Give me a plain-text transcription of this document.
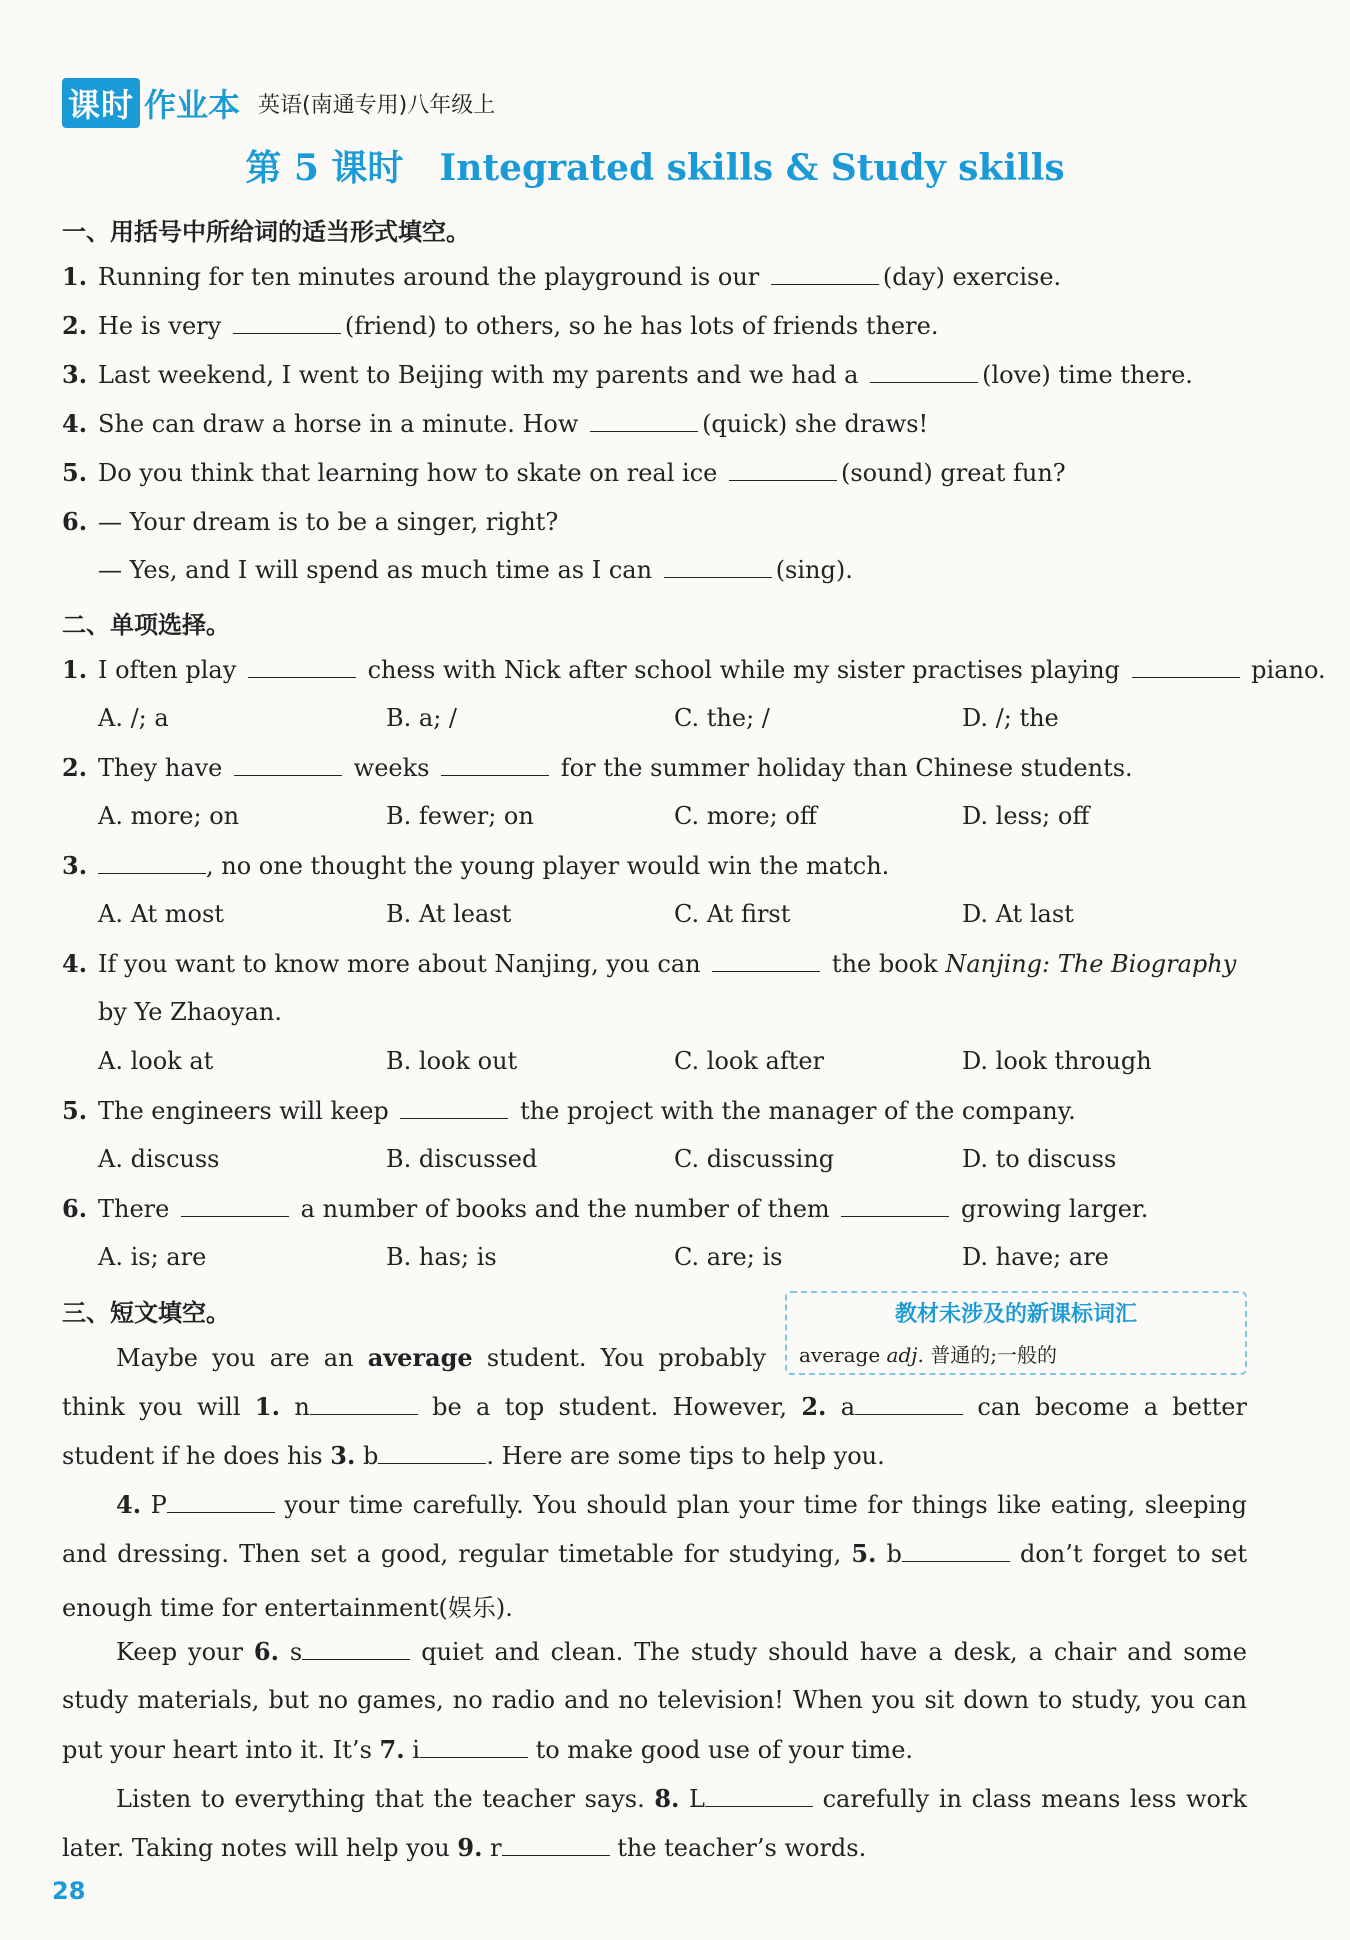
课时 作业本 英语(南通专用)八年级上
第 5 课时　Integrated skills & Study skills
一、用括号中所给词的适当形式填空。
1. Running for ten minutes around the playground is our	(day) exercise.
2. He is very	(friend) to others, so he has lots of friends there.
3. Last weekend, I went to Beijing with my parents and we had a	(love) time there.
4. She can draw a horse in a minute. How	(quick) she draws!
5. Do you think that learning how to skate on real ice	(sound) great fun?
6. — Your dream is to be a singer, right?
— Yes, and I will spend as much time as I can	(sing).
二、单项选择。
1. I often play	chess with Nick after school while my sister practises playing	piano.
A. /; a	B. a; /	C. the; /	D. /; the
2. They have	weeks	for the summer holiday than Chinese students.
A. more; on	B. fewer; on	C. more; off	D. less; off
3.	, no one thought the young player would win the match.
A. At most	B. At least	C. At first	D. At last
4. If you want to know more about Nanjing, you can	the book Nanjing: The Biography
by Ye Zhaoyan.
A. look at	B. look out	C. look after	D. look through
5. The engineers will keep	the project with the manager of the company.
A. discuss	B. discussed	C. discussing	D. to discuss
6. There	a number of books and the number of them	growing larger.
A. is; are	B. has; is	C. are; is	D. have; are
三、短文填空。	教材未涉及的新课标词汇
average adj. 普通的;一般的
Maybe you are an average student. You probably
think you will 1. n	be a top student. However, 2. a	can become a better
student if he does his 3. b	. Here are some tips to help you.
4. P	your time carefully. You should plan your time for things like eating, sleeping
and dressing. Then set a good, regular timetable for studying, 5. b	don’t forget to set
enough time for entertainment(娱乐).
Keep your 6. s	quiet and clean. The study should have a desk, a chair and some
study materials, but no games, no radio and no television! When you sit down to study, you can
put your heart into it. It’s 7. i	to make good use of your time.
Listen to everything that the teacher says. 8. L	carefully in class means less work
later. Taking notes will help you 9. r	the teacher’s words.
28
